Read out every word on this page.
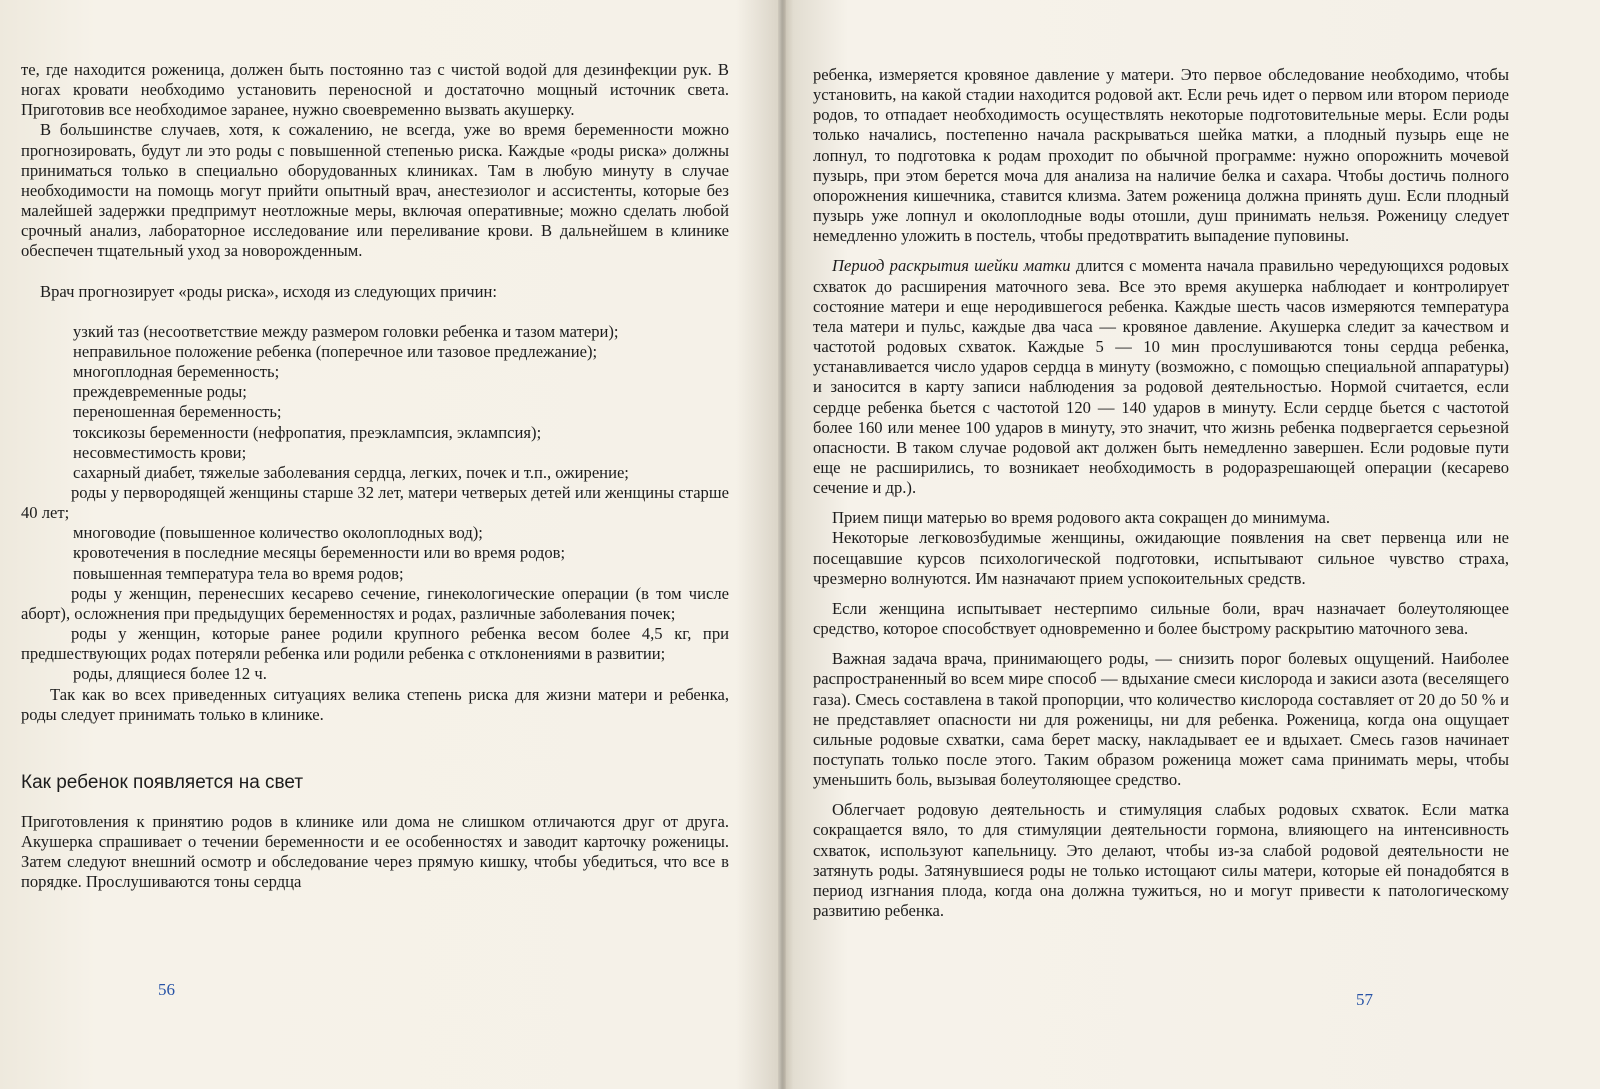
те, где находится роженица, должен быть постоянно таз с чистой водой для дезинфекции рук. В ногах кровати необходимо установить переносной и достаточно мощный источник света. Приготовив все необходимое заранее, нужно своевременно вызвать акушерку.

В большинстве случаев, хотя, к сожалению, не всегда, уже во время беременности можно прогнозировать, будут ли это роды с повышенной степенью риска. Каждые «роды риска» должны приниматься только в специально оборудованных клиниках. Там в любую минуту в случае необходимости на помощь могут прийти опытный врач, анестезиолог и ассистенты, которые без малейшей задержки предпримут неотложные меры, включая оперативные; можно сделать любой срочный анализ, лабораторное исследование или переливание крови. В дальнейшем в клинике обеспечен тщательный уход за новорожденным.

Врач прогнозирует «роды риска», исходя из следующих причин:

узкий таз (несоответствие между размером головки ребенка и тазом матери);

неправильное положение ребенка (поперечное или тазовое предлежание);

многоплодная беременность;

преждевременные роды;

переношенная беременность;

токсикозы беременности (нефропатия, преэклампсия, эклампсия);

несовместимость крови;

сахарный диабет, тяжелые заболевания сердца, легких, почек и т.п., ожирение;

роды у первородящей женщины старше 32 лет, матери четверых детей или женщины старше 40 лет;

многоводие (повышенное количество околоплодных вод);

кровотечения в последние месяцы беременности или во время родов;

повышенная температура тела во время родов;

роды у женщин, перенесших кесарево сечение, гинекологические операции (в том числе аборт), осложнения при предыдущих беременностях и родах, различные заболевания почек;

роды у женщин, которые ранее родили крупного ребенка весом более 4,5 кг, при предшествующих родах потеряли ребенка или родили ребенка с отклонениями в развитии;

роды, длящиеся более 12 ч.

Так как во всех приведенных ситуациях велика степень риска для жизни матери и ребенка, роды следует принимать только в клинике.

Как ребенок появляется на свет

Приготовления к принятию родов в клинике или дома не слишком отличаются друг от друга. Акушерка спрашивает о течении беременности и ее особенностях и заводит карточку роженицы. Затем следуют внешний осмотр и обследование через прямую кишку, чтобы убедиться, что все в порядке. Прослушиваются тоны сердца

56

ребенка, измеряется кровяное давление у матери. Это первое обследование необходимо, чтобы установить, на какой стадии находится родовой акт. Если речь идет о первом или втором периоде родов, то отпадает необходимость осуществлять некоторые подготовительные меры. Если роды только начались, постепенно начала раскрываться шейка матки, а плодный пузырь еще не лопнул, то подготовка к родам проходит по обычной программе: нужно опорожнить мочевой пузырь, при этом берется моча для анализа на наличие белка и сахара. Чтобы достичь полного опорожнения кишечника, ставится клизма. Затем роженица должна принять душ. Если плодный пузырь уже лопнул и околоплодные воды отошли, душ принимать нельзя. Роженицу следует немедленно уложить в постель, чтобы предотвратить выпадение пуповины.

Период раскрытия шейки матки длится с момента начала правильно чередующихся родовых схваток до расширения маточного зева. Все это время акушерка наблюдает и контролирует состояние матери и еще неродившегося ребенка. Каждые шесть часов измеряются температура тела матери и пульс, каждые два часа — кровяное давление. Акушерка следит за качеством и частотой родовых схваток. Каждые 5 — 10 мин прослушиваются тоны сердца ребенка, устанавливается число ударов сердца в минуту (возможно, с помощью специальной аппаратуры) и заносится в карту записи наблюдения за родовой деятельностью. Нормой считается, если сердце ребенка бьется с частотой 120 — 140 ударов в минуту. Если сердце бьется с частотой более 160 или менее 100 ударов в минуту, это значит, что жизнь ребенка подвергается серьезной опасности. В таком случае родовой акт должен быть немедленно завершен. Если родовые пути еще не расширились, то возникает необходимость в родоразрешающей операции (кесарево сечение и др.).

Прием пищи матерью во время родового акта сокращен до минимума.

Некоторые легковозбудимые женщины, ожидающие появления на свет первенца или не посещавшие курсов психологической подготовки, испытывают сильное чувство страха, чрезмерно волнуются. Им назначают прием успокоительных средств.

Если женщина испытывает нестерпимо сильные боли, врач назначает болеутоляющее средство, которое способствует одновременно и более быстрому раскрытию маточного зева.

Важная задача врача, принимающего роды, — снизить порог болевых ощущений. Наиболее распространенный во всем мире способ — вдыхание смеси кислорода и закиси азота (веселящего газа). Смесь составлена в такой пропорции, что количество кислорода составляет от 20 до 50 % и не представляет опасности ни для роженицы, ни для ребенка. Роженица, когда она ощущает сильные родовые схватки, сама берет маску, накладывает ее и вдыхает. Смесь газов начинает поступать только после этого. Таким образом роженица может сама принимать меры, чтобы уменьшить боль, вызывая болеутоляющее средство.

Облегчает родовую деятельность и стимуляция слабых родовых схваток. Если матка сокращается вяло, то для стимуляции деятельности гормона, влияющего на интенсивность схваток, используют капельницу. Это делают, чтобы из-за слабой родовой деятельности не затянуть роды. Затянувшиеся роды не только истощают силы матери, которые ей понадобятся в период изгнания плода, когда она должна тужиться, но и могут привести к патологическому развитию ребенка.

57
